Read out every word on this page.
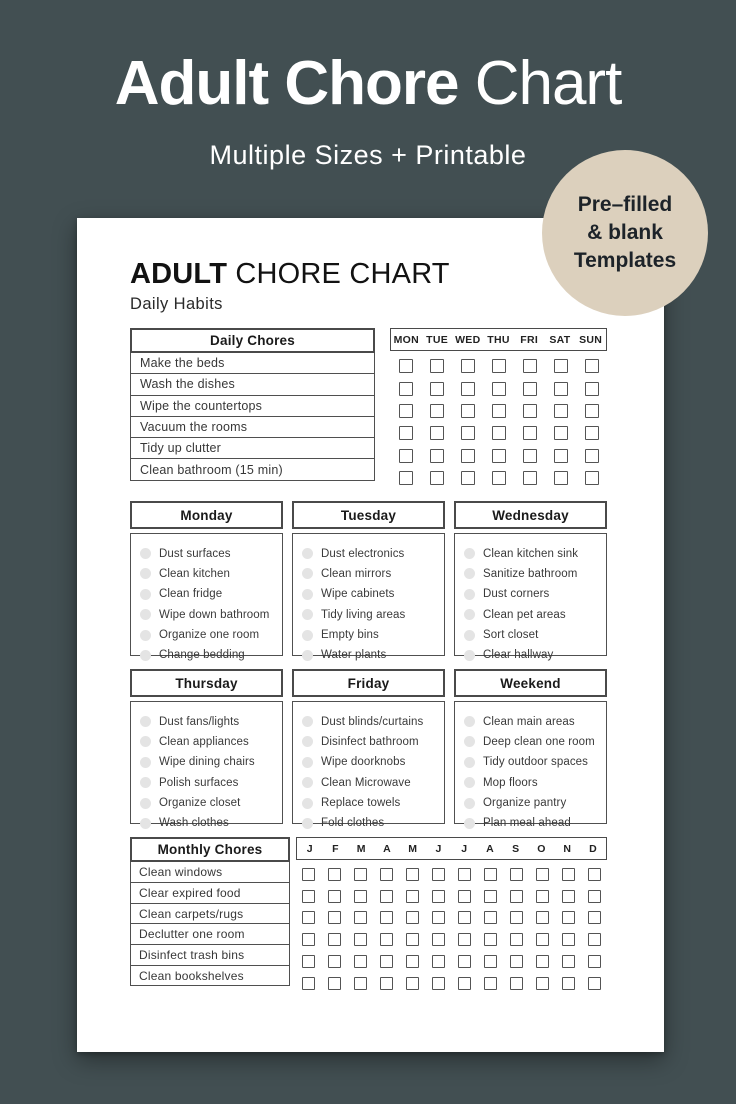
Adult Chore Chart
Multiple Sizes + Printable
Pre–filled
& blank
Templates
ADULT CHORE CHART
Daily Habits
Daily Chores
Make the beds
Wash the dishes
Wipe the countertops
Vacuum the rooms
Tidy up clutter
Clean bathroom (15 min)
MON TUE WED THU	FRI	SAT SUN
Monday
Dust surfaces
Clean kitchen
Clean fridge
Wipe down bathroom
Organize one room
Change bedding
Tuesday
Dust electronics
Clean mirrors
Wipe cabinets
Tidy living areas
Empty bins
Water plants
Wednesday
Clean kitchen sink
Sanitize bathroom
Dust corners
Clean pet areas
Sort closet
Clear hallway
Thursday
Dust fans/lights
Clean appliances
Wipe dining chairs
Polish surfaces
Organize closet
Wash clothes
Friday
Dust blinds/curtains
Disinfect bathroom
Wipe doorknobs
Clean Microwave
Replace towels
Fold clothes
Weekend
Clean main areas
Deep clean one room
Tidy outdoor spaces
Mop floors
Organize pantry
Plan meal ahead
Monthly Chores
Clean windows
Clear expired food
Clean carpets/rugs
Declutter one room
Disinfect trash bins
Clean bookshelves
J	F	M	A	M	J	J	A	S	O	N	D
